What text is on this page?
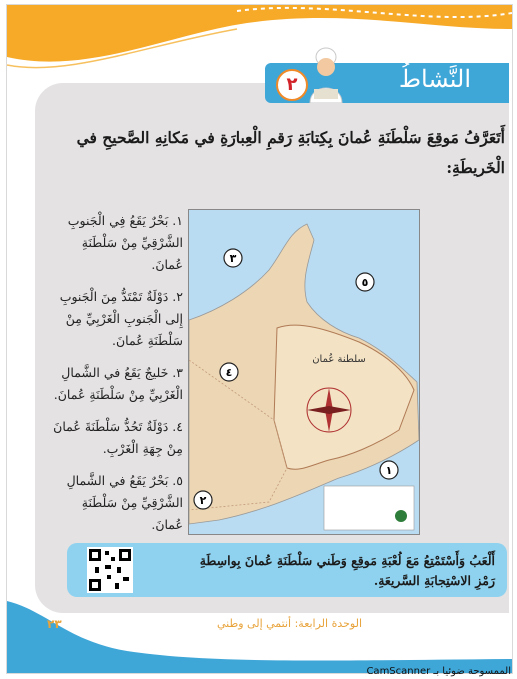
٢	النَّشاطُ
أَتَعَرَّفُ مَوقِعَ سَلْطَنَةِ عُمانَ بِكِتابَةِ رَقمِ الْعِبارَةِ في مَكانِهِ الصَّحيحِ في الْخَريطَةِ:
١. بَحْرٌ يَقَعُ فِي الْجَنوبِ الشَّرْقِيِّ مِنْ سَلْطَنَةِ عُمانَ.
٢. دَوْلَةٌ تَمْتَدُّ مِنَ الْجَنوبِ إِلى الْجَنوبِ الْغَرْبِيِّ مِنْ سَلْطَنَةِ عُمانَ.
٣. خَليجٌ يَقَعُ في الشَّمالِ الْغَرْبِيِّ مِنْ سَلْطَنَةِ عُمانَ.
٤. دَوْلَةٌ تَحُدُّ سَلْطَنَةَ عُمانَ مِنْ جِهَةِ الْغَرْبِ.
٥. بَحْرٌ يَقَعُ في الشَّمالِ الشَّرْقِيِّ مِنْ سَلْطَنَةِ عُمانَ.
سلطنة عُمان
٣
٥
٤
١
٢
أَلْعَبُ وَأَسْتَمْتِعُ مَعَ لُعْبَةِ مَوقِعِ وَطَني سَلْطَنَةِ عُمانَ بِواسِطَةِ رَمْزِ الاسْتِجابَةِ السَّريعَةِ.
٢٣	الوحدة الرابعة: أنتمي إلى وطني
الممسوحة ضوئيا بـ CamScanner
